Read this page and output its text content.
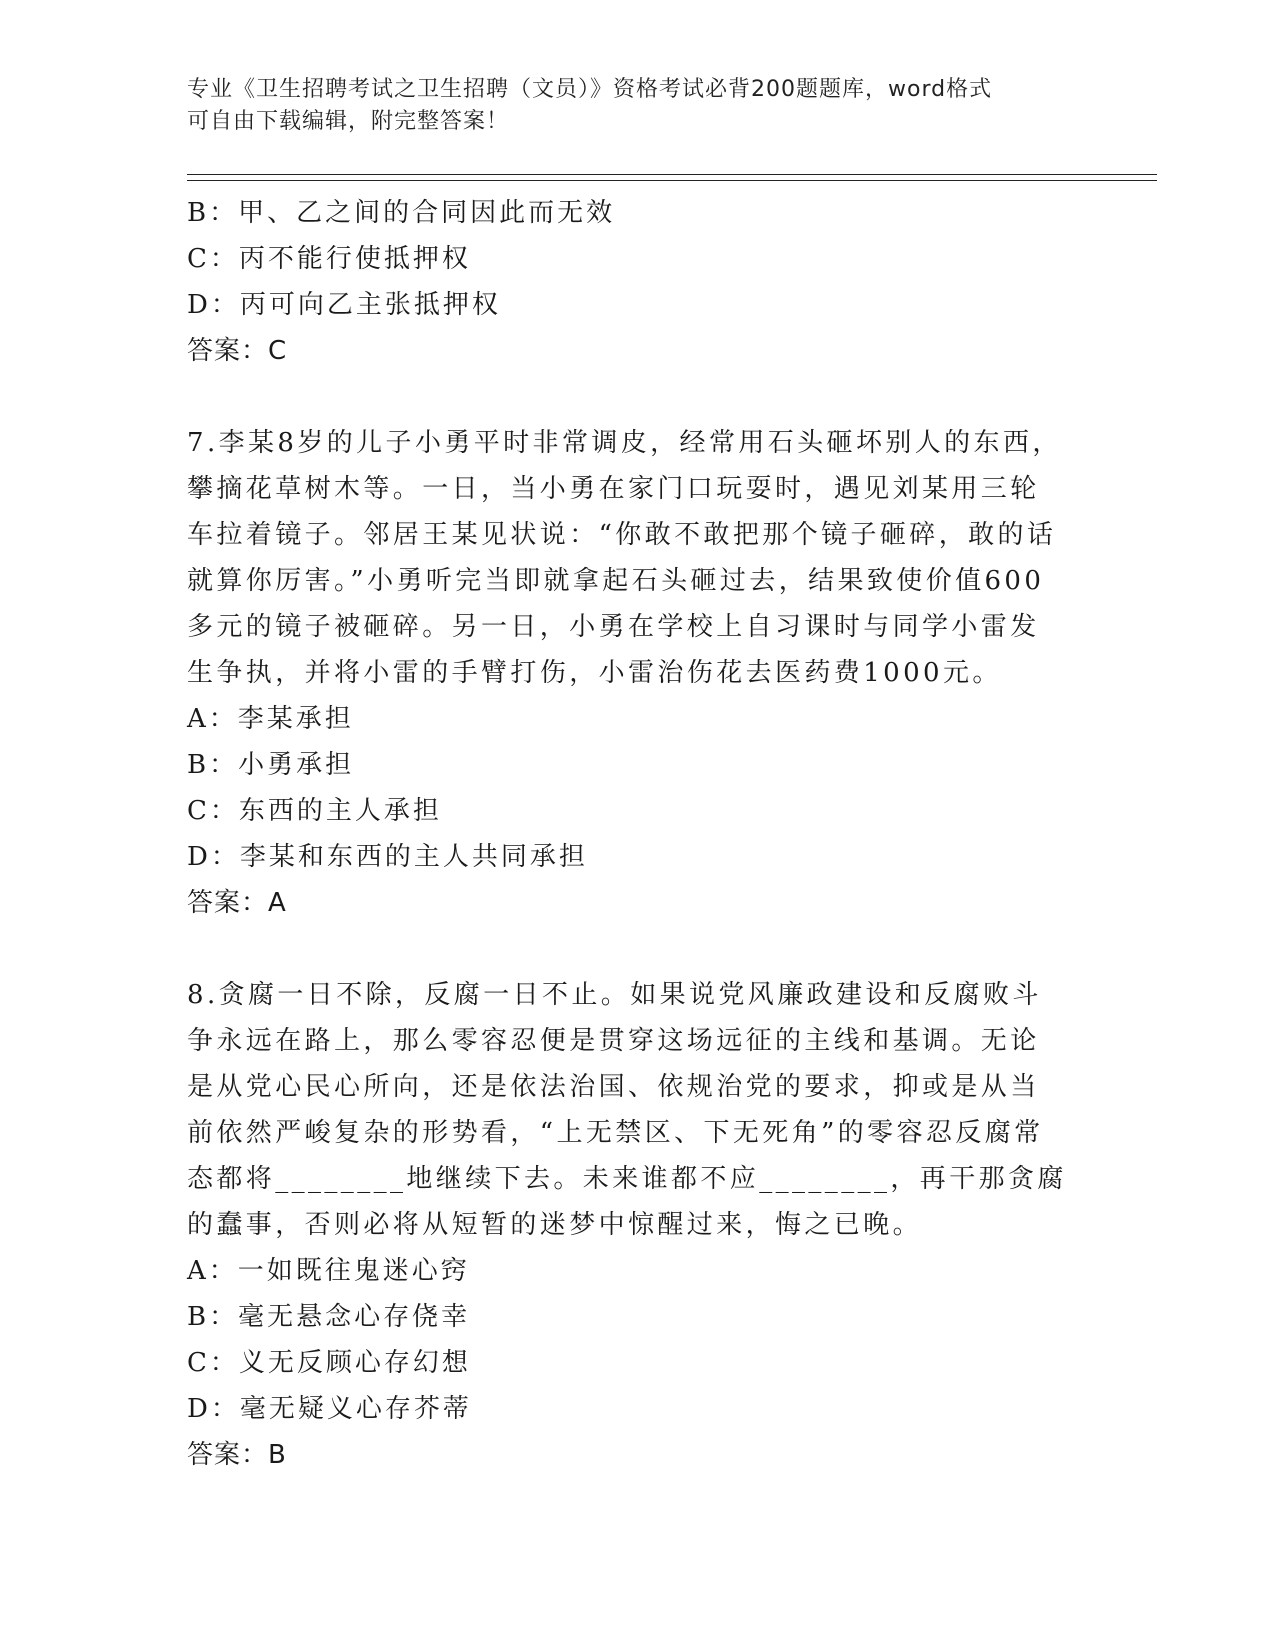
专业《卫生招聘考试之卫生招聘（文员）》资格考试必背200题题库，word格式
可自由下载编辑，附完整答案！
B：甲、乙之间的合同因此而无效
C：丙不能行使抵押权
D：丙可向乙主张抵押权
答案：C
7.李某8岁的儿子小勇平时非常调皮，经常用石头砸坏别人的东西，攀摘花草树木等。一日，当小勇在家门口玩耍时，遇见刘某用三轮车拉着镜子。邻居王某见状说：“你敢不敢把那个镜子砸碎，敢的话就算你厉害。”小勇听完当即就拿起石头砸过去，结果致使价值600多元的镜子被砸碎。另一日，小勇在学校上自习课时与同学小雷发生争执，并将小雷的手臂打伤，小雷治伤花去医药费1000元。
A：李某承担
B：小勇承担
C：东西的主人承担
D：李某和东西的主人共同承担
答案：A
8.贪腐一日不除，反腐一日不止。如果说党风廉政建设和反腐败斗争永远在路上，那么零容忍便是贯穿这场远征的主线和基调。无论是从党心民心所向，还是依法治国、依规治党的要求，抑或是从当前依然严峻复杂的形势看，“上无禁区、下无死角”的零容忍反腐常态都将________地继续下去。未来谁都不应________，再干那贪腐的蠢事，否则必将从短暂的迷梦中惊醒过来，悔之已晚。
A：一如既往鬼迷心窍
B：毫无悬念心存侥幸
C：义无反顾心存幻想
D：毫无疑义心存芥蒂
答案：B
